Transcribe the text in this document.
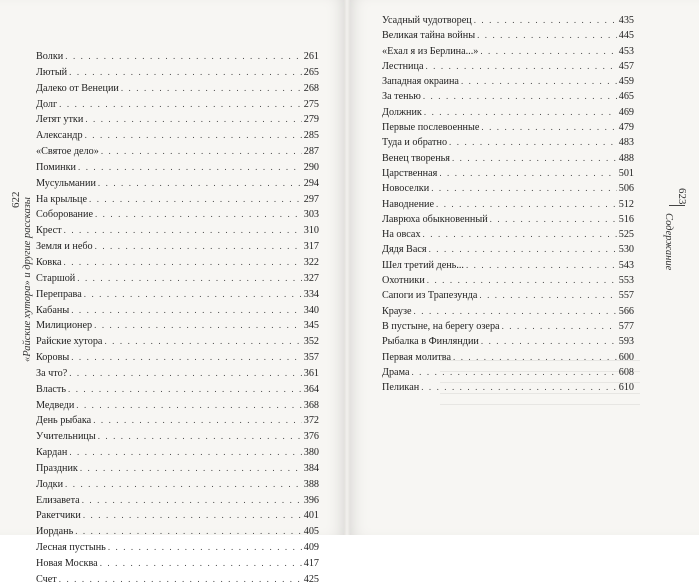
Волки . . .	261
Лютый . . .	265
Далеко от Венеции . . .	268
Долг . . .	275
Летят утки . . .	279
Александр . . .	285
«Святое дело» . . .	287
Поминки . . .	290
Мусульмании . . .	294
На крыльце . . .	297
Соборование . . .	303
Крест . . .	310
Земля и небо . . .	317
Ковка . . .	322
Старшой . . .	327
Переправа . . .	334
Кабаны . . .	340
Милиционер . . .	345
Райские хутора . . .	352
Коровы . . .	357
За что? . . .	361
Власть . . .	364
Медведи . . .	368
День рыбака . . .	372
Учительницы . . .	376
Кардан . . .	380
Праздник . . .	384
Лодки . . .	388
Елизавета . . .	396
Ракетчики . . .	401
Иордань . . .	405
Лесная пустынь . . .	409
Новая Москва . . .	417
Счет . . .	425
Усадный чудотворец . . .	435
Великая тайна войны . . .	445
«Ехал я из Берлина...» . . .	453
Лестница . . .	457
Западная окраина . . .	459
За тенью . . .	465
Должник . . .	469
Первые послевоенные . . .	479
Туда и обратно . . .	483
Венец творенья . . .	488
Царственная . . .	501
Новоселки . . .	506
Наводнение . . .	512
Лаврюха обыкновенный . . .	516
На овсах . . .	525
Дядя Вася . . .	530
Шел третий день... . . .	543
Охотники . . .	553
Сапоги из Трапезунда . . .	557
Краузе . . .	566
В пустыне, на берегу озера . . .	577
Рыбалка в Финляндии . . .	593
Первая молитва . . .	600
Драма . . .	608
Пеликан . . .	610
622 «Райские хутора» и другие рассказы
623
Содержание
